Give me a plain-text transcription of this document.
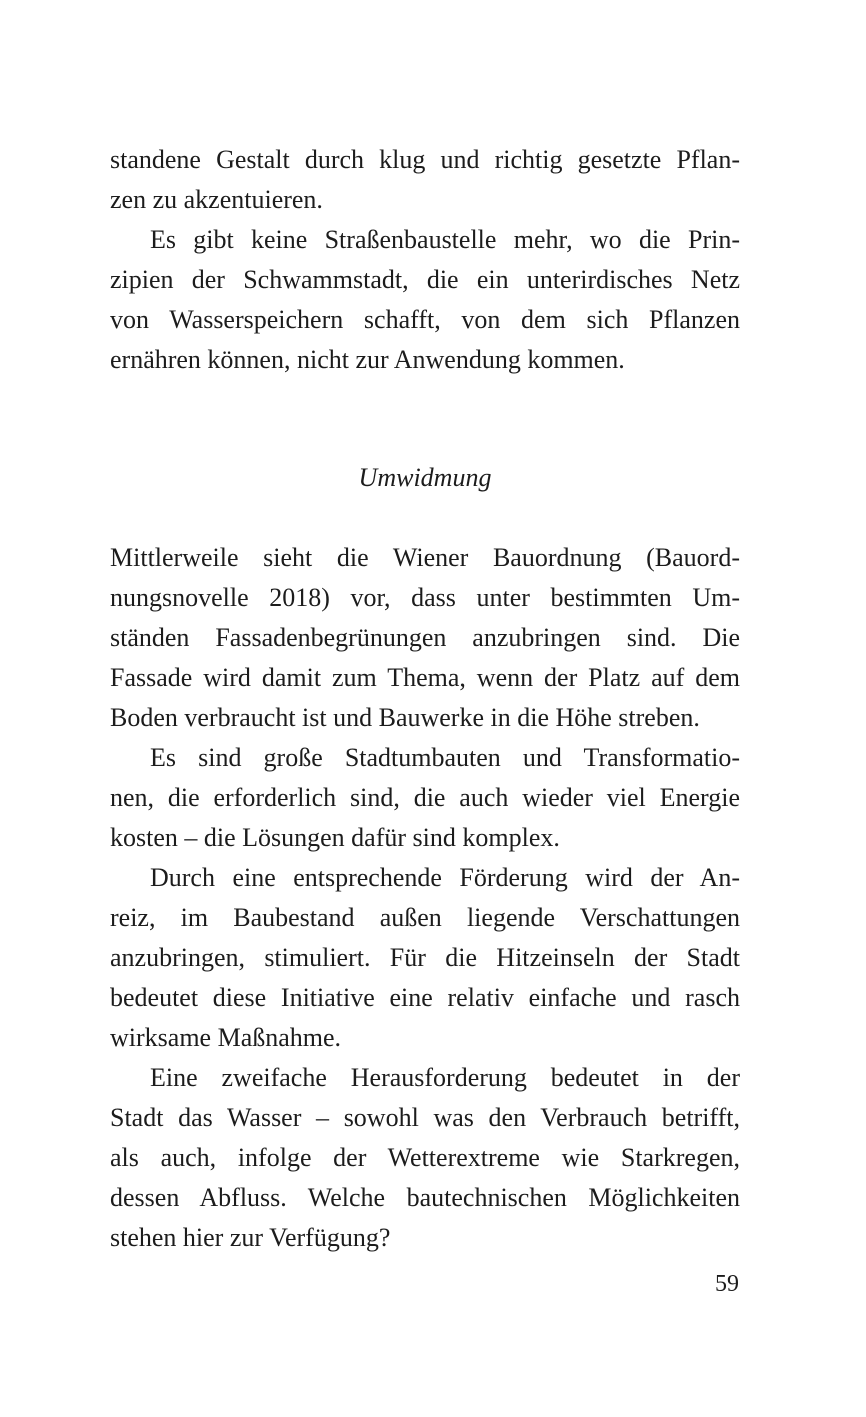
standene Gestalt durch klug und richtig gesetzte Pflan-
zen zu akzentuieren.
Es gibt keine Straßenbaustelle mehr, wo die Prin-
zipien der Schwammstadt, die ein unterirdisches Netz
von Wasserspeichern schafft, von dem sich Pflanzen
ernähren können, nicht zur Anwendung kommen.
Umwidmung
Mittlerweile sieht die Wiener Bauordnung (Bauord-
nungsnovelle 2018) vor, dass unter bestimmten Um-
ständen Fassadenbegrünungen anzubringen sind. Die
Fassade wird damit zum Thema, wenn der Platz auf dem
Boden verbraucht ist und Bauwerke in die Höhe streben.
Es sind große Stadtumbauten und Transformatio-
nen, die erforderlich sind, die auch wieder viel Energie
kosten – die Lösungen dafür sind komplex.
Durch eine entsprechende Förderung wird der An-
reiz, im Baubestand außen liegende Verschattungen
anzubringen, stimuliert. Für die Hitzeinseln der Stadt
bedeutet diese Initiative eine relativ einfache und rasch
wirksame Maßnahme.
Eine zweifache Herausforderung bedeutet in der
Stadt das Wasser – sowohl was den Verbrauch betrifft,
als auch, infolge der Wetterextreme wie Starkregen,
dessen Abfluss. Welche bautechnischen Möglichkeiten
stehen hier zur Verfügung?
59
